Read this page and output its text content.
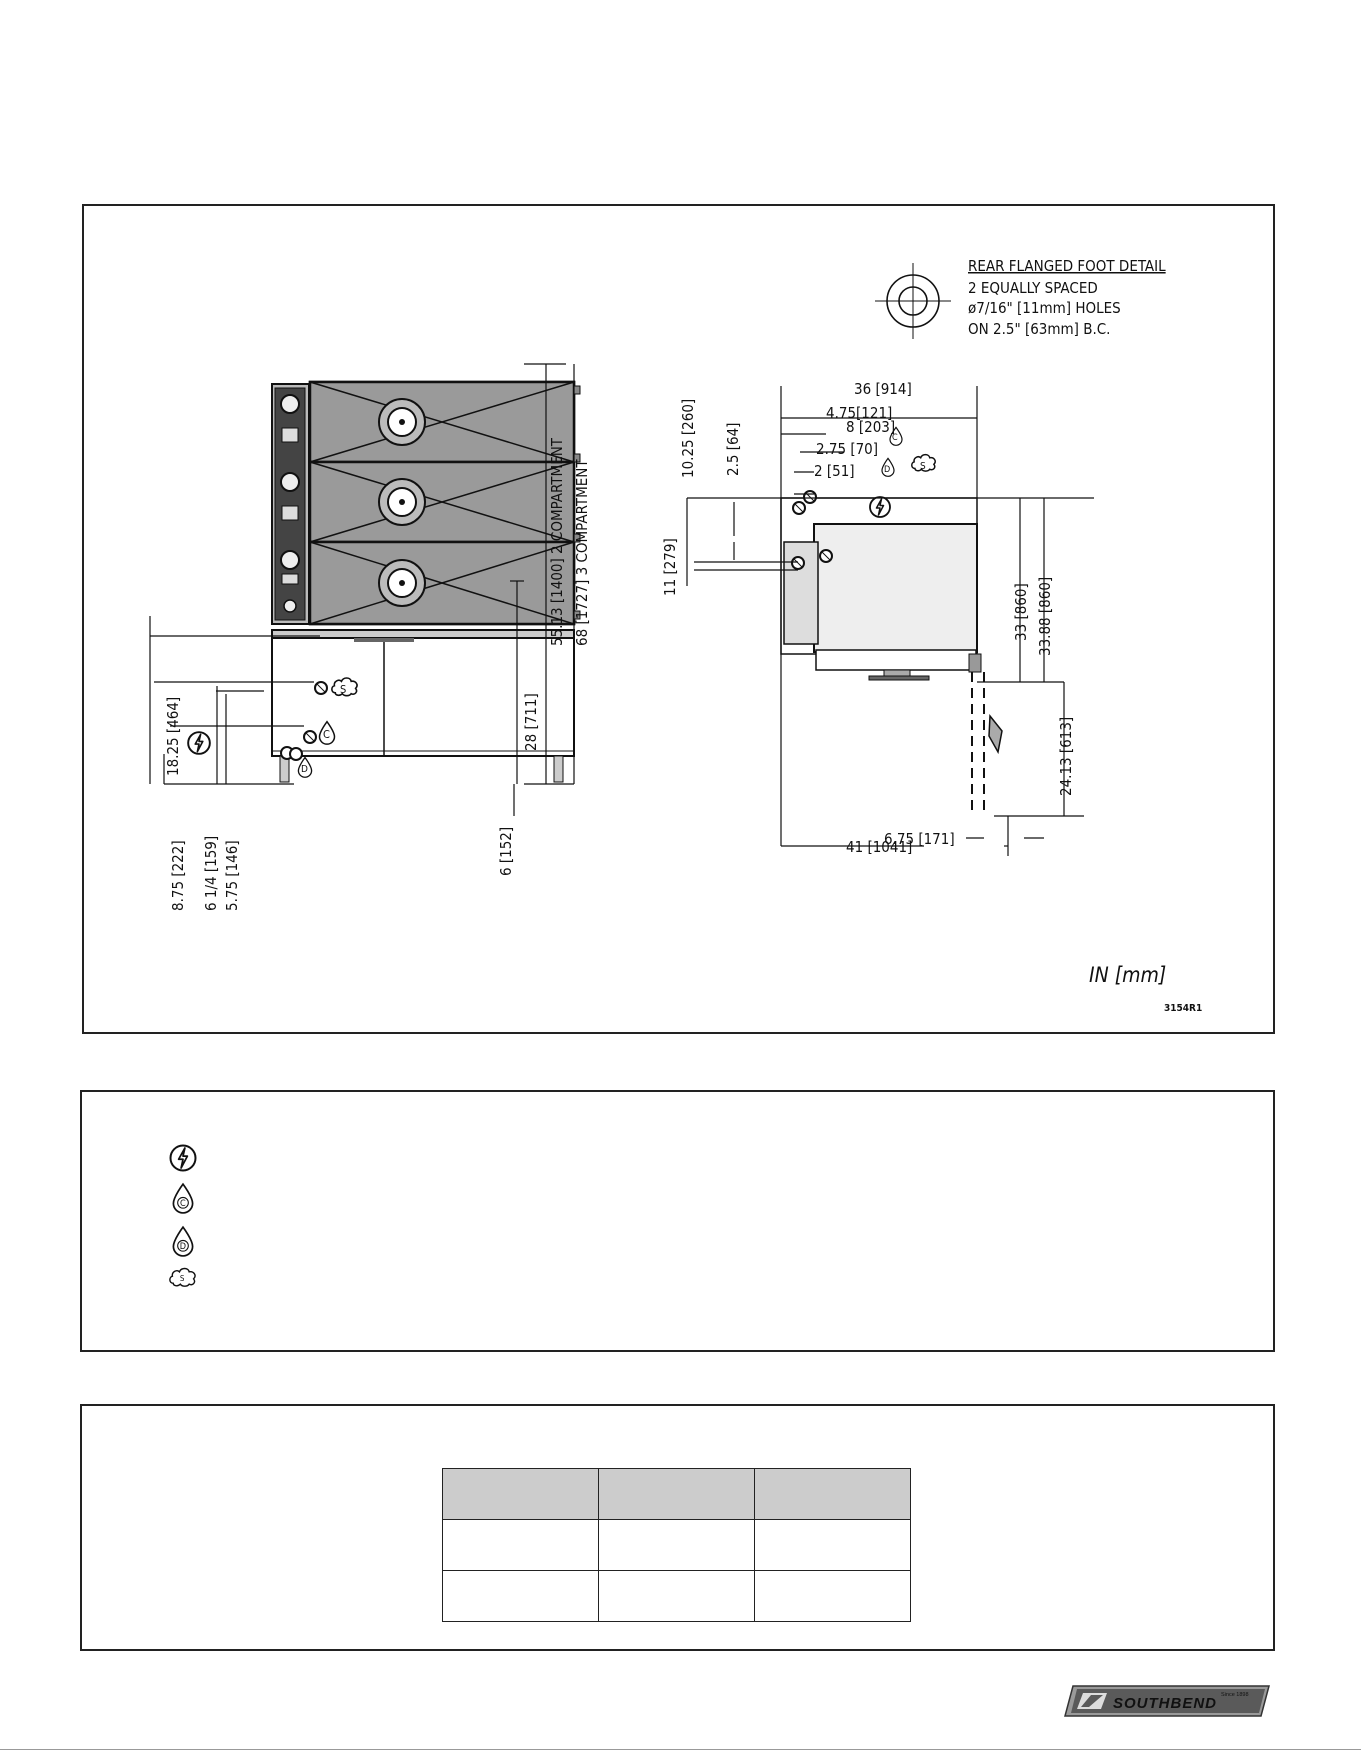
REAR FLANGED FOOT DETAIL
2 EQUALLY SPACED
ø7/16" [11mm] HOLES
ON 2.5" [63mm] B.C.
C
D
S
55.13 [1400] 2 COMPARTMENT 68 [1727] 3 COMPARTMENT
28 [711]
6 [152]
18.25 [464]
8.75 [222] 6 1/4 [159] 5.75 [146]
C
S
D
36 [914]
4.75[121]
8 [203]
2.75 [70]
2 [51]
10.25 [260] 2.5 [64]
11 [279]
33 [860] 33.88 [860]
24.13 [613]
6.75 [171]
41 [1041]
IN [mm]
3154R1
C
D
S

SOUTHBEND Since 1898
